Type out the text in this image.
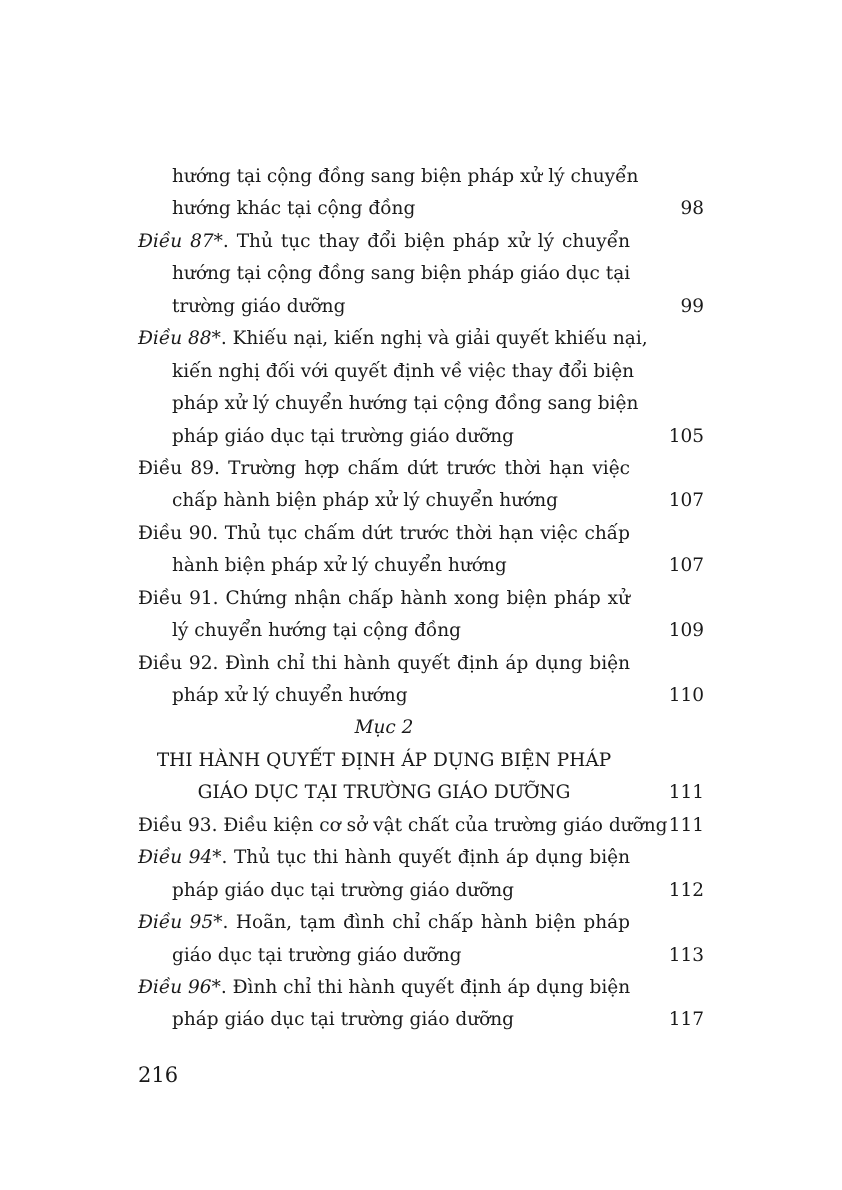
hướng tại cộng đồng sang biện pháp xử lý chuyển
hướng khác tại cộng đồng	98
Điều 87*. Thủ tục thay đổi biện pháp xử lý chuyển
hướng tại cộng đồng sang biện pháp giáo dục tại
trường giáo dưỡng	99
Điều 88*. Khiếu nại, kiến nghị và giải quyết khiếu nại,
kiến nghị đối với quyết định về việc thay đổi biện
pháp xử lý chuyển hướng tại cộng đồng sang biện
pháp giáo dục tại trường giáo dưỡng	105
Điều 89. Trường hợp chấm dứt trước thời hạn việc
chấp hành biện pháp xử lý chuyển hướng	107
Điều 90. Thủ tục chấm dứt trước thời hạn việc chấp
hành biện pháp xử lý chuyển hướng	107
Điều 91. Chứng nhận chấp hành xong biện pháp xử
lý chuyển hướng tại cộng đồng	109
Điều 92. Đình chỉ thi hành quyết định áp dụng biện
pháp xử lý chuyển hướng	110
Mục 2
THI HÀNH QUYẾT ĐỊNH ÁP DỤNG BIỆN PHÁP
GIÁO DỤC TẠI TRƯỜNG GIÁO DƯỠNG	111
Điều 93. Điều kiện cơ sở vật chất của trường giáo dưỡng 111
Điều 94*. Thủ tục thi hành quyết định áp dụng biện
pháp giáo dục tại trường giáo dưỡng	112
Điều 95*. Hoãn, tạm đình chỉ chấp hành biện pháp
giáo dục tại trường giáo dưỡng	113
Điều 96*. Đình chỉ thi hành quyết định áp dụng biện
pháp giáo dục tại trường giáo dưỡng	117
216
